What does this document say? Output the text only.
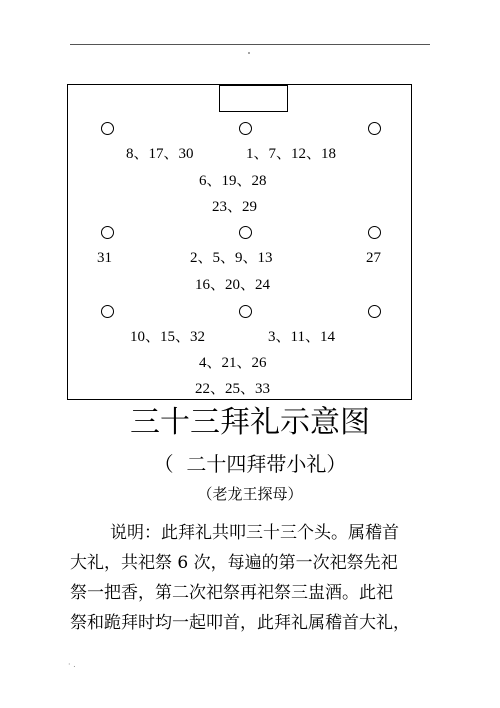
8、17、30	1、7、12、18
6、19、28
23、29
31	2、5、9、13	27
16、20、24
10、15、32	3、11、14
4、21、26
22、25、33
三十三拜礼示意图
（  二十四拜带小礼）
（老龙王探母）
说明：此拜礼共叩三十三个头。属稽首
大礼，共祀祭 6 次，每遍的第一次祀祭先祀
祭一把香，第二次祀祭再祀祭三盅酒。此祀
祭和跪拜时均一起叩首，此拜礼属稽首大礼，
· .
